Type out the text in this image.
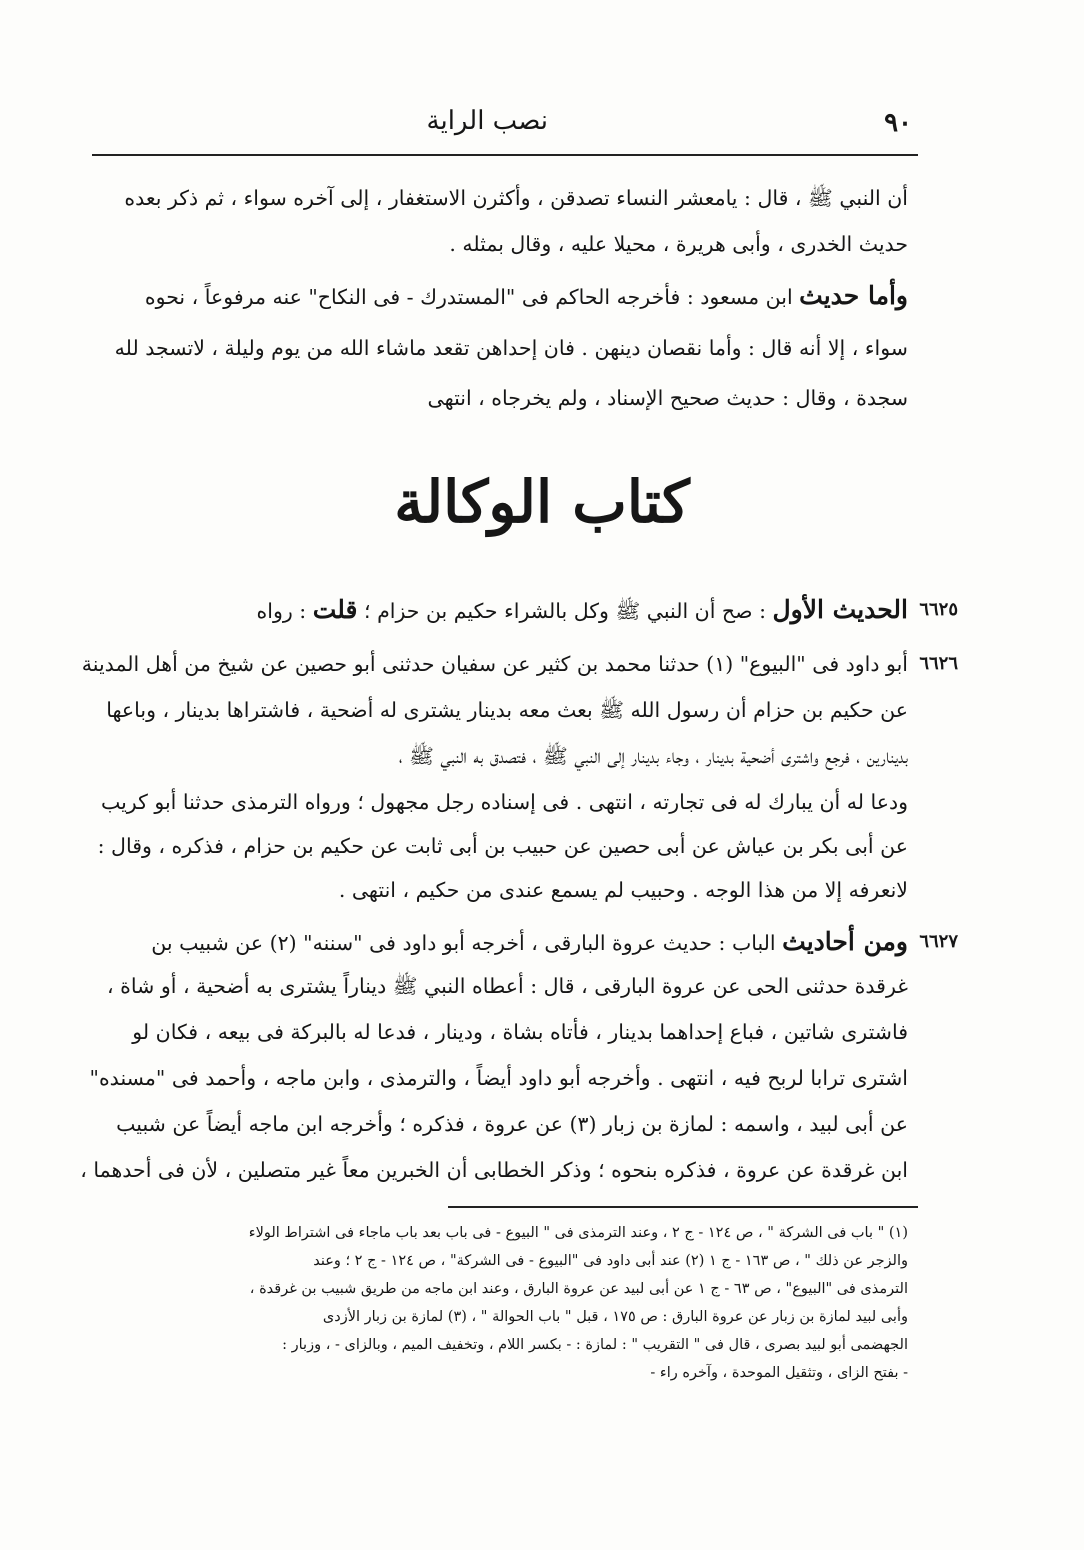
٩٠
نصب الراية
أن النبي ﷺ ، قال : يامعشر النساء تصدقن ، وأكثرن الاستغفار ، إلى آخره سواء ، ثم ذكر بعده
حديث الخدرى ، وأبى هريرة ، محيلا عليه ، وقال بمثله .
وأما حديث ابن مسعود : فأخرجه الحاكم فى "المستدرك - فى النكاح" عنه مرفوعاً ، نحوه
سواء ، إلا أنه قال : وأما نقصان دينهن . فان إحداهن تقعد ماشاء الله من يوم وليلة ، لاتسجد لله
سجدة ، وقال : حديث صحيح الإسناد ، ولم يخرجاه ، انتهى
كتاب الوكالة
٦٦٢٥
الحديث الأول : صح أن النبي ﷺ وكل بالشراء حكيم بن حزام ؛ قلت : رواه
٦٦٢٦
أبو داود فى "البيوع" (١) حدثنا محمد بن كثير عن سفيان حدثنى أبو حصين عن شيخ من أهل المدينة
عن حكيم بن حزام أن رسول الله ﷺ بعث معه بدينار يشترى له أضحية ، فاشتراها بدينار ، وباعها
بدينارين ، فرجع واشترى أضحية بدينار ، وجاء بدينار إلى النبي ﷺ ، فتصدق به النبي ﷺ ،
ودعا له أن يبارك له فى تجارته ، انتهى . فى إسناده رجل مجهول ؛ ورواه الترمذى حدثنا أبو كريب
عن أبى بكر بن عياش عن أبى حصين عن حبيب بن أبى ثابت عن حكيم بن حزام ، فذكره ، وقال :
لانعرفه إلا من هذا الوجه . وحبيب لم يسمع عندى من حكيم ، انتهى .
٦٦٢٧
ومن أحاديث الباب : حديث عروة البارقى ، أخرجه أبو داود فى "سننه" (٢) عن شبيب بن
غرقدة حدثنى الحى عن عروة البارقى ، قال : أعطاه النبي ﷺ ديناراً يشترى به أضحية ، أو شاة ،
فاشترى شاتين ، فباع إحداهما بدينار ، فأتاه بشاة ، ودينار ، فدعا له بالبركة فى بيعه ، فكان لو
اشترى ترابا لربح فيه ، انتهى . وأخرجه أبو داود أيضاً ، والترمذى ، وابن ماجه ، وأحمد فى "مسنده"
عن أبى لبيد ، واسمه : لمازة بن زبار (٣) عن عروة ، فذكره ؛ وأخرجه ابن ماجه أيضاً عن شبيب
ابن غرقدة عن عروة ، فذكره بنحوه ؛ وذكر الخطابى أن الخبرين معاً غير متصلين ، لأن فى أحدهما ،
(١) " باب فى الشركة " ، ص ١٢٤ - ج ٢ ، وعند الترمذى فى " البيوع - فى باب بعد باب ماجاء فى اشتراط الولاء
والزجر عن ذلك " ، ص ١٦٣ - ج ١ (٢) عند أبى داود فى "البيوع - فى الشركة" ، ص ١٢٤ - ج ٢ ؛ وعند
الترمذى فى "البيوع" ، ص ٦٣ - ج ١ عن أبى لبيد عن عروة البارق ، وعند ابن ماجه من طريق شبيب بن غرقدة ،
وأبى لبيد لمازة بن زبار عن عروة البارق : ص ١٧٥ ، قبل " باب الحوالة " ، (٣) لمازة بن زبار الأزدى
الجهضمى أبو لبيد بصرى ، قال فى " التقريب " : لمازة : - بكسر اللام ، وتخفيف الميم ، وبالزاى - ، وزبار :
- بفتح الزاى ، وتثقيل الموحدة ، وآخره راء -
